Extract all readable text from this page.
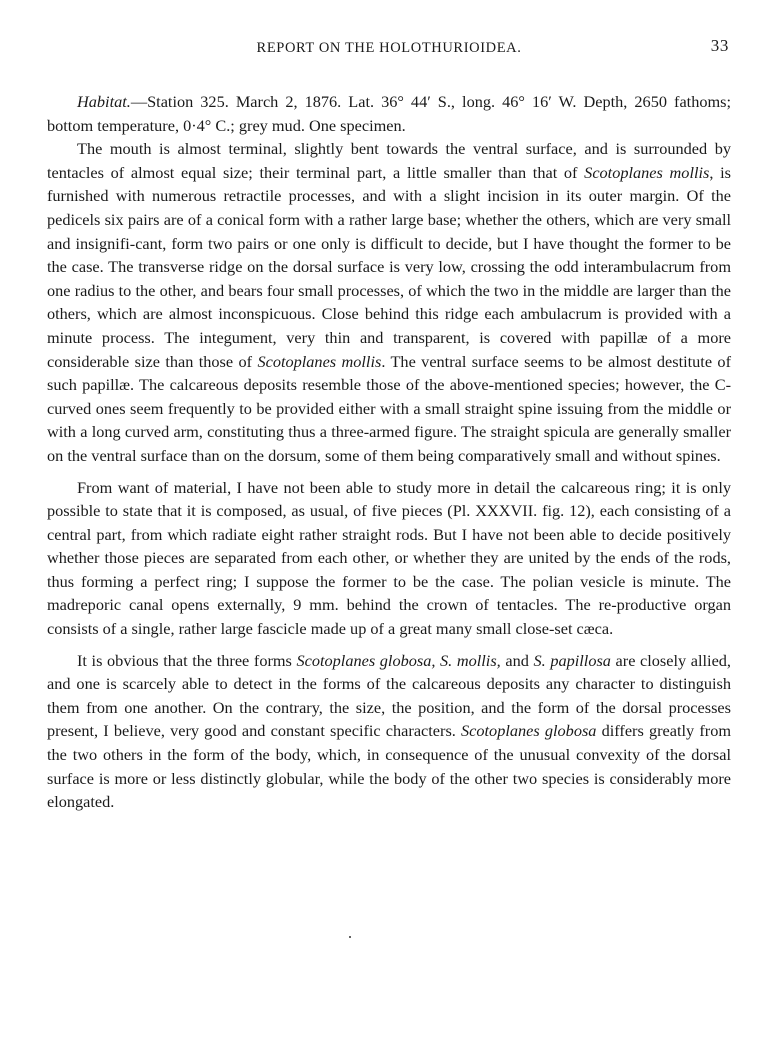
REPORT ON THE HOLOTHURIOIDEA.	33

Habitat.—Station 325. March 2, 1876. Lat. 36° 44′ S., long. 46° 16′ W. Depth, 2650 fathoms; bottom temperature, 0·4° C.; grey mud. One specimen.

The mouth is almost terminal, slightly bent towards the ventral surface, and is surrounded by tentacles of almost equal size; their terminal part, a little smaller than that of Scotoplanes mollis, is furnished with numerous retractile processes, and with a slight incision in its outer margin. Of the pedicels six pairs are of a conical form with a rather large base; whether the others, which are very small and insignifi-cant, form two pairs or one only is difficult to decide, but I have thought the former to be the case. The transverse ridge on the dorsal surface is very low, crossing the odd interambulacrum from one radius to the other, and bears four small processes, of which the two in the middle are larger than the others, which are almost inconspicuous. Close behind this ridge each ambulacrum is provided with a minute process. The integument, very thin and transparent, is covered with papillæ of a more considerable size than those of Scotoplanes mollis. The ventral surface seems to be almost destitute of such papillæ. The calcareous deposits resemble those of the above-mentioned species; however, the C-curved ones seem frequently to be provided either with a small straight spine issuing from the middle or with a long curved arm, constituting thus a three-armed figure. The straight spicula are generally smaller on the ventral surface than on the dorsum, some of them being comparatively small and without spines.

From want of material, I have not been able to study more in detail the calcareous ring; it is only possible to state that it is composed, as usual, of five pieces (Pl. XXXVII. fig. 12), each consisting of a central part, from which radiate eight rather straight rods. But I have not been able to decide positively whether those pieces are separated from each other, or whether they are united by the ends of the rods, thus forming a perfect ring; I suppose the former to be the case. The polian vesicle is minute. The madreporic canal opens externally, 9 mm. behind the crown of tentacles. The re-productive organ consists of a single, rather large fascicle made up of a great many small close-set cæca.

It is obvious that the three forms Scotoplanes globosa, S. mollis, and S. papillosa are closely allied, and one is scarcely able to detect in the forms of the calcareous deposits any character to distinguish them from one another. On the contrary, the size, the position, and the form of the dorsal processes present, I believe, very good and constant specific characters. Scotoplanes globosa differs greatly from the two others in the form of the body, which, in consequence of the unusual convexity of the dorsal surface is more or less distinctly globular, while the body of the other two species is considerably more elongated.
